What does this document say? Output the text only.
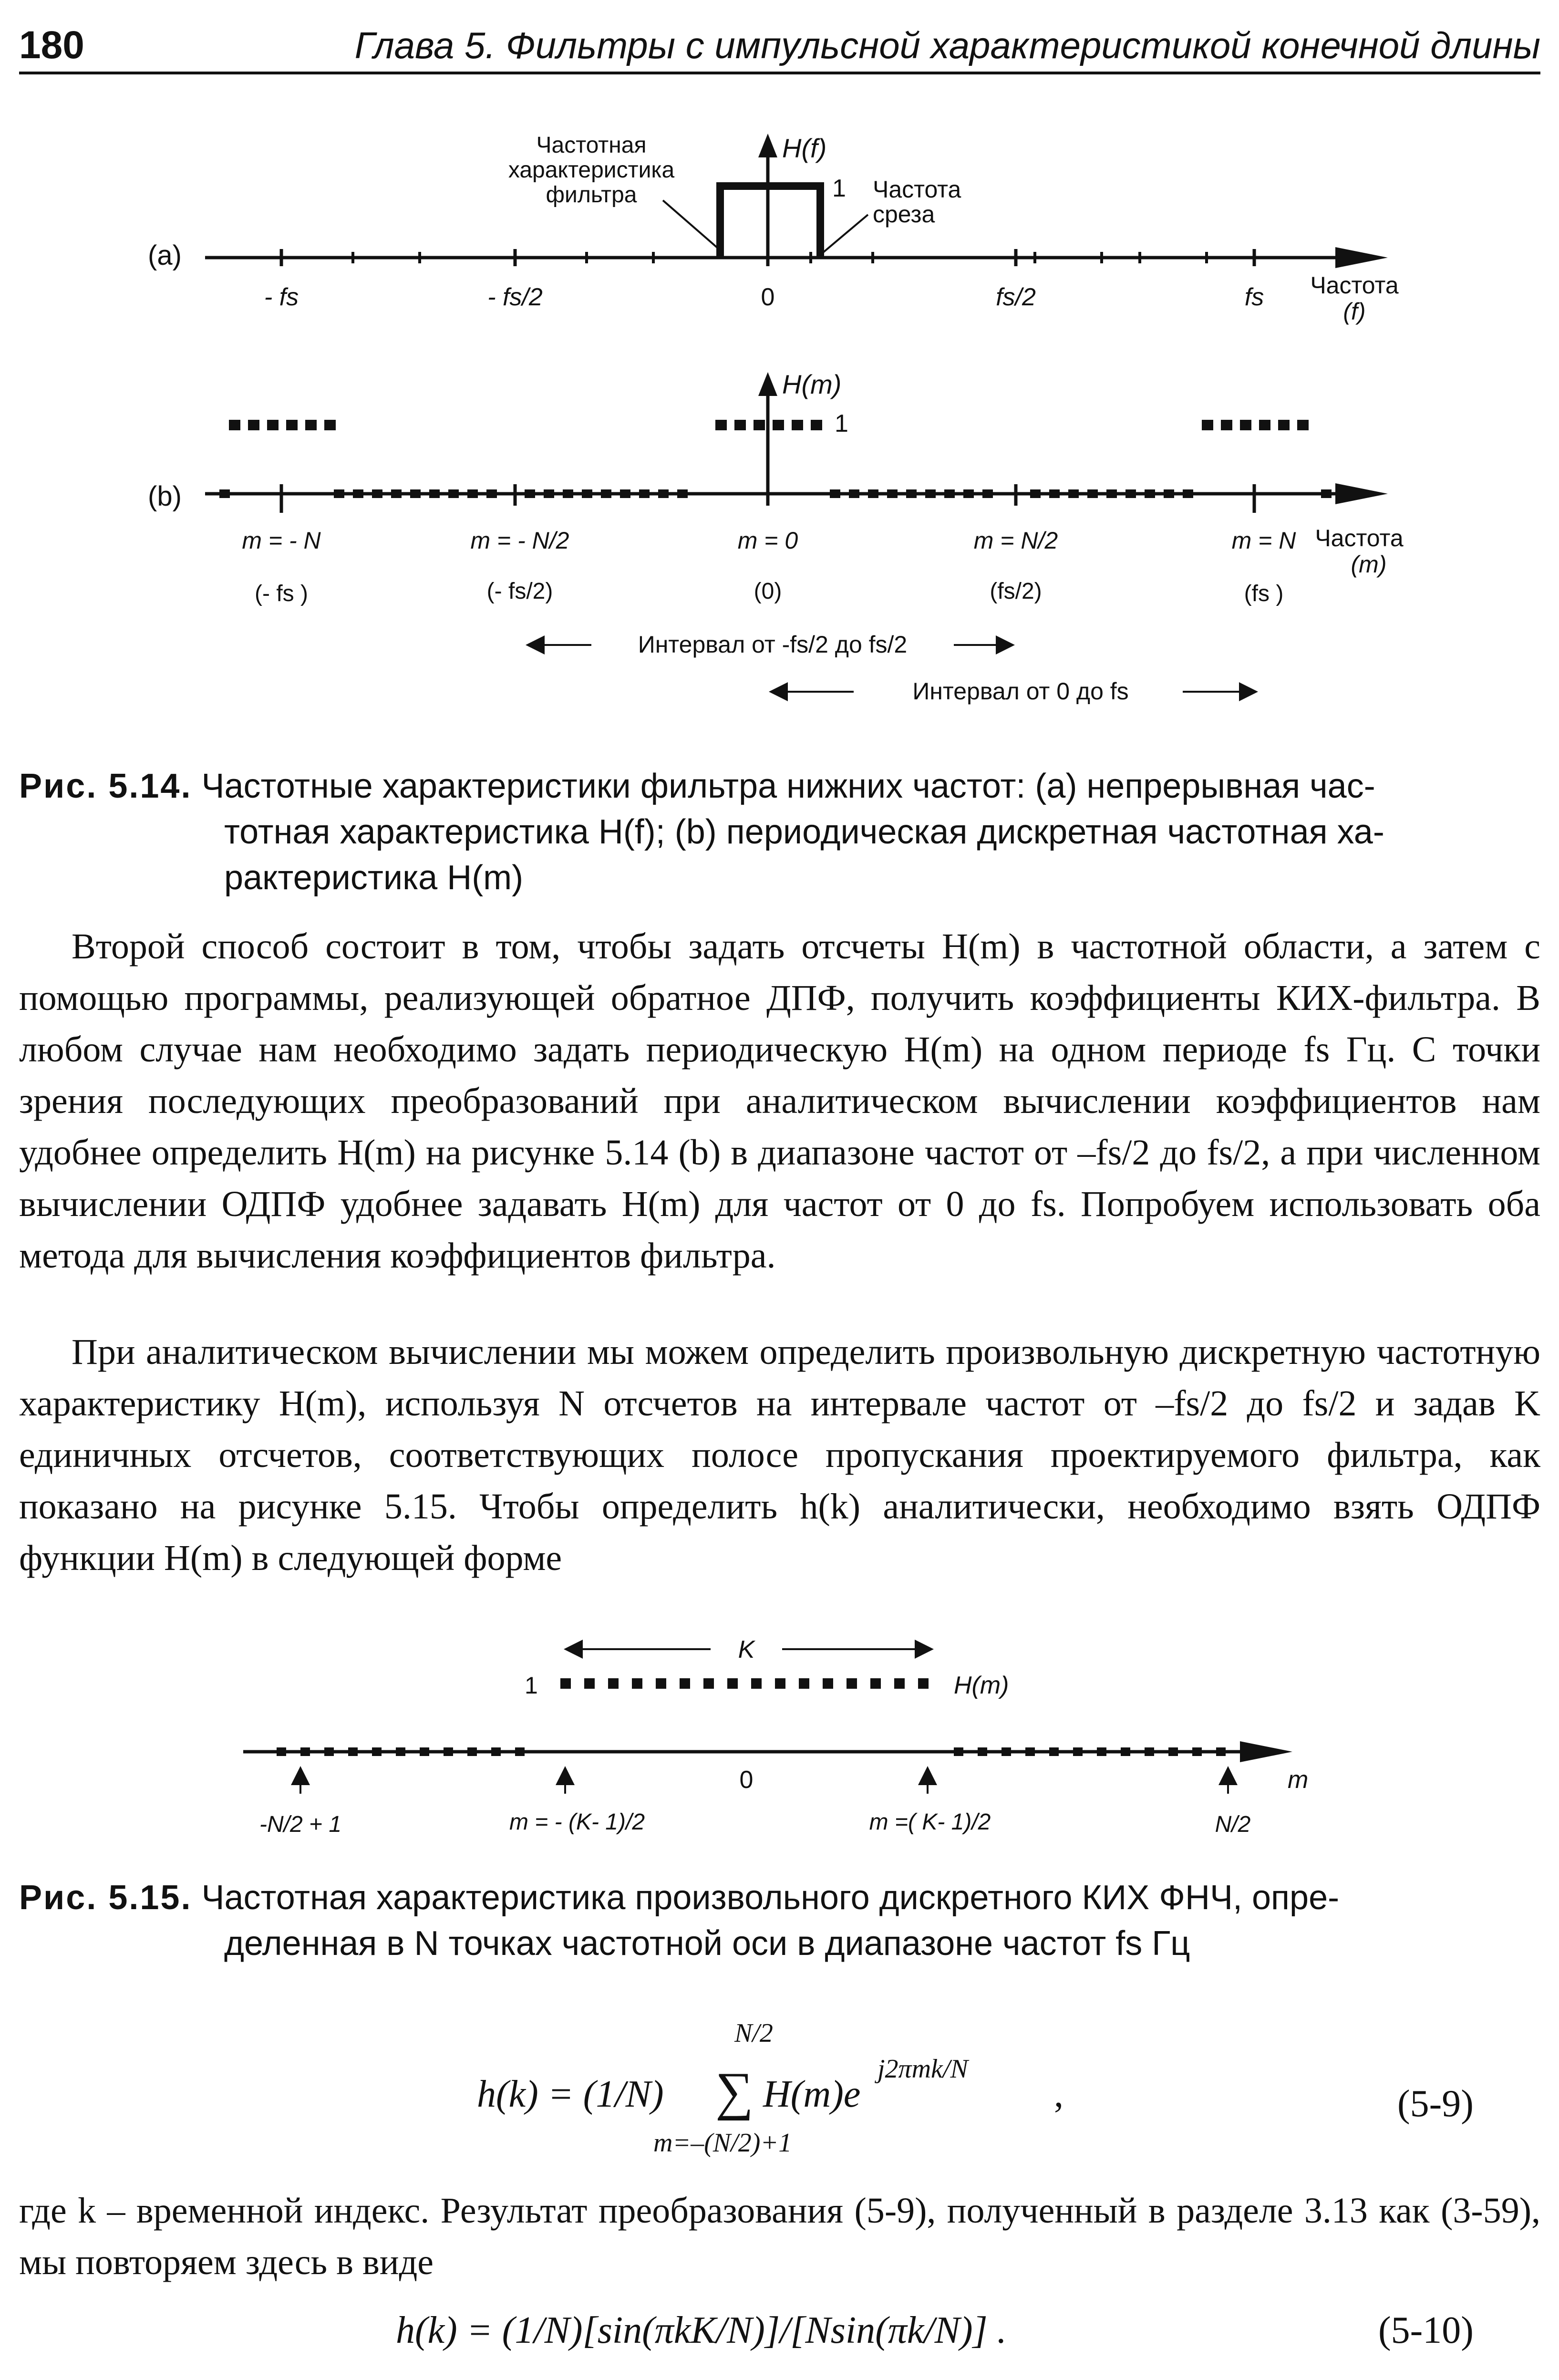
180	Глава 5. Фильтры с импульсной характеристикой конечной длины
(a)
H(f)
1
Частотная
характеристика
фильтра	Частота
среза
- fs	- fs/2	0	fs/2	fs Частота
(f)
(b)
H(m)
1
m = - N	m = - N/2	m = 0	m = N/2	m = N
(- fs )	(- fs/2)	(0)	(fs/2)	(fs )
Частота
(m)
Интервал от -fs/2 до fs/2
Интервал от 0 до fs
Рис. 5.14. Частотные характеристики фильтра нижних частот: (a) непрерывная час-
тотная характеристика H(f); (b) периодическая дискретная частотная ха-
рактеристика H(m)
Второй способ состоит в том, чтобы задать отсчеты H(m) в частотной области, а затем с помощью программы, реализующей обратное ДПФ, получить коэффициенты КИХ-фильтра. В любом случае нам необходимо задать периодическую H(m) на одном периоде fs Гц. С точки зрения последующих преобразований при аналитическом вычислении коэффициентов нам удобнее определить H(m) на рисунке 5.14 (b) в диапазоне частот от –fs/2 до fs/2, а при численном вычислении ОДПФ удобнее задавать H(m) для частот от 0 до fs. Попробуем использовать оба метода для вычисления коэффициентов фильтра.
При аналитическом вычислении мы можем определить произвольную дискретную частотную характеристику H(m), используя N отсчетов на интервале частот от –fs/2 до fs/2 и задав K единичных отсчетов, соответствующих полосе пропускания проектируемого фильтра, как показано на рисунке 5.15. Чтобы определить h(k) аналитически, необходимо взять ОДПФ функции H(m) в следующей форме
K
1	H(m)
0	m
-N/2 + 1	m = - (K- 1)/2	m =( K- 1)/2	N/2
Рис. 5.15. Частотная характеристика произвольного дискретного КИХ ФНЧ, опре-
деленная в N точках частотной оси в диапазоне частот fs Гц
h(k) = (1/N)
N/2
∑
m=–(N/2)+1
H(m)e
j2πmk/N
,	(5-9)
где k – временной индекс. Результат преобразования (5-9), полученный в разделе 3.13 как (3-59), мы повторяем здесь в виде
h(k) = (1/N)[sin(πkK/N)]/[Nsin(πk/N)] .	(5-10)
